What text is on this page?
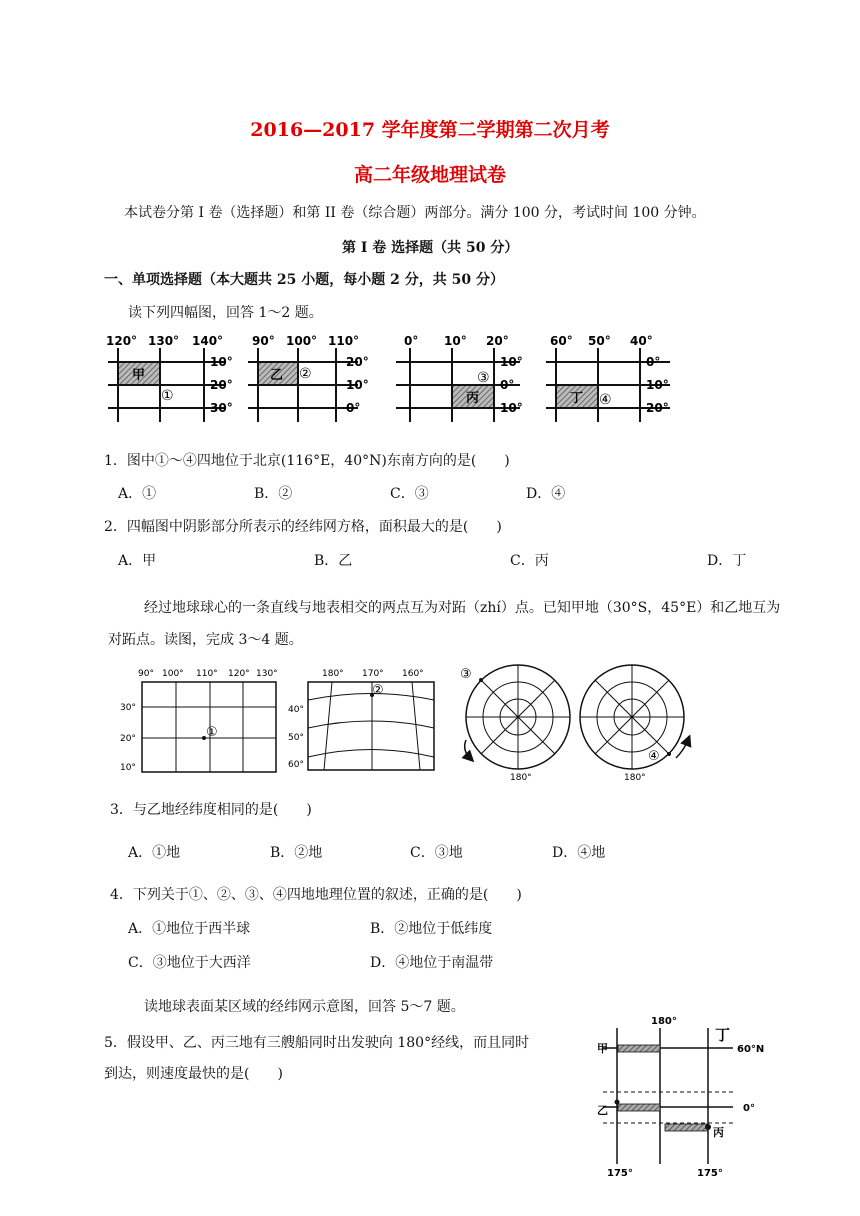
2016—2017 学年度第二学期第二次月考
高二年级地理试卷
本试卷分第 I 卷（选择题）和第 II 卷（综合题）两部分。满分 100 分，考试时间 100 分钟。
第 I 卷 选择题（共 50 分）
一、单项选择题（本大题共 25 小题，每小题 2 分，共 50 分）
读下列四幅图，回答 1～2 题。
120° 130° 140°
10°
20°
30°
甲
①
90° 100° 110°
20°
10°
0°
乙 ②
0° 10° 20°
10°
0°
10°
丙
③
60° 50° 40°
0°
10°
20°
丁 ④
1．图中①～④四地位于北京(116°E，40°N)东南方向的是(　　)
A．①	B．②	C．③	D．④
2．四幅图中阴影部分所表示的经纬网方格，面积最大的是(　　)
A．甲	B．乙	C．丙	D．丁
经过地球球心的一条直线与地表相交的两点互为对跖（zhí）点。已知甲地（30°S，45°E）和乙地互为
对跖点。读图，完成 3～4 题。
90° 100° 110° 120° 130°
30°
20°
10°
①
180° 170° 160°
40°
50°
60°
②
180°
③
180°
④
3．与乙地经纬度相同的是(　　)
A．①地	B．②地	C．③地	D．④地
4．下列关于①、②、③、④四地地理位置的叙述，正确的是(　　)
A．①地位于西半球	B．②地位于低纬度
C．③地位于大西洋	D．④地位于南温带
读地球表面某区域的经纬网示意图，回答 5～7 题。
5．假设甲、乙、丙三地有三艘船同时出发驶向 180°经线，而且同时
到达，则速度最快的是(　　)
180°
60°N
0°
175°	175°
甲
乙
丙
丁
